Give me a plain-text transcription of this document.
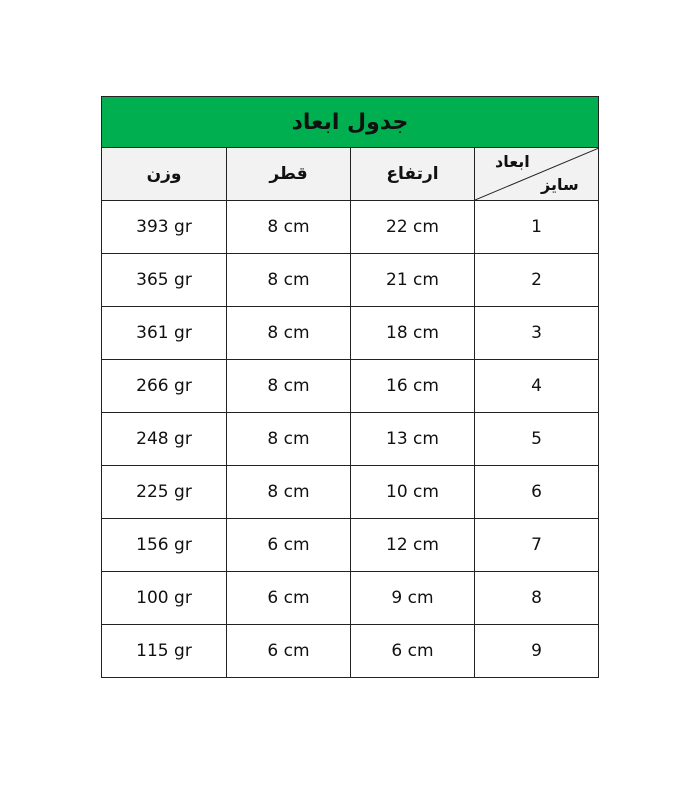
جدول ابعاد
ابعاد
سایز
ارتفاع
قطر
وزن
1
22 cm
8 cm
393 gr
2
21 cm
8 cm
365 gr
3
18 cm
8 cm
361 gr
4
16 cm
8 cm
266 gr
5
13 cm
8 cm
248 gr
6
10 cm
8 cm
225 gr
7
12 cm
6 cm
156 gr
8
9 cm
6 cm
100 gr
9
6 cm
6 cm
115 gr
